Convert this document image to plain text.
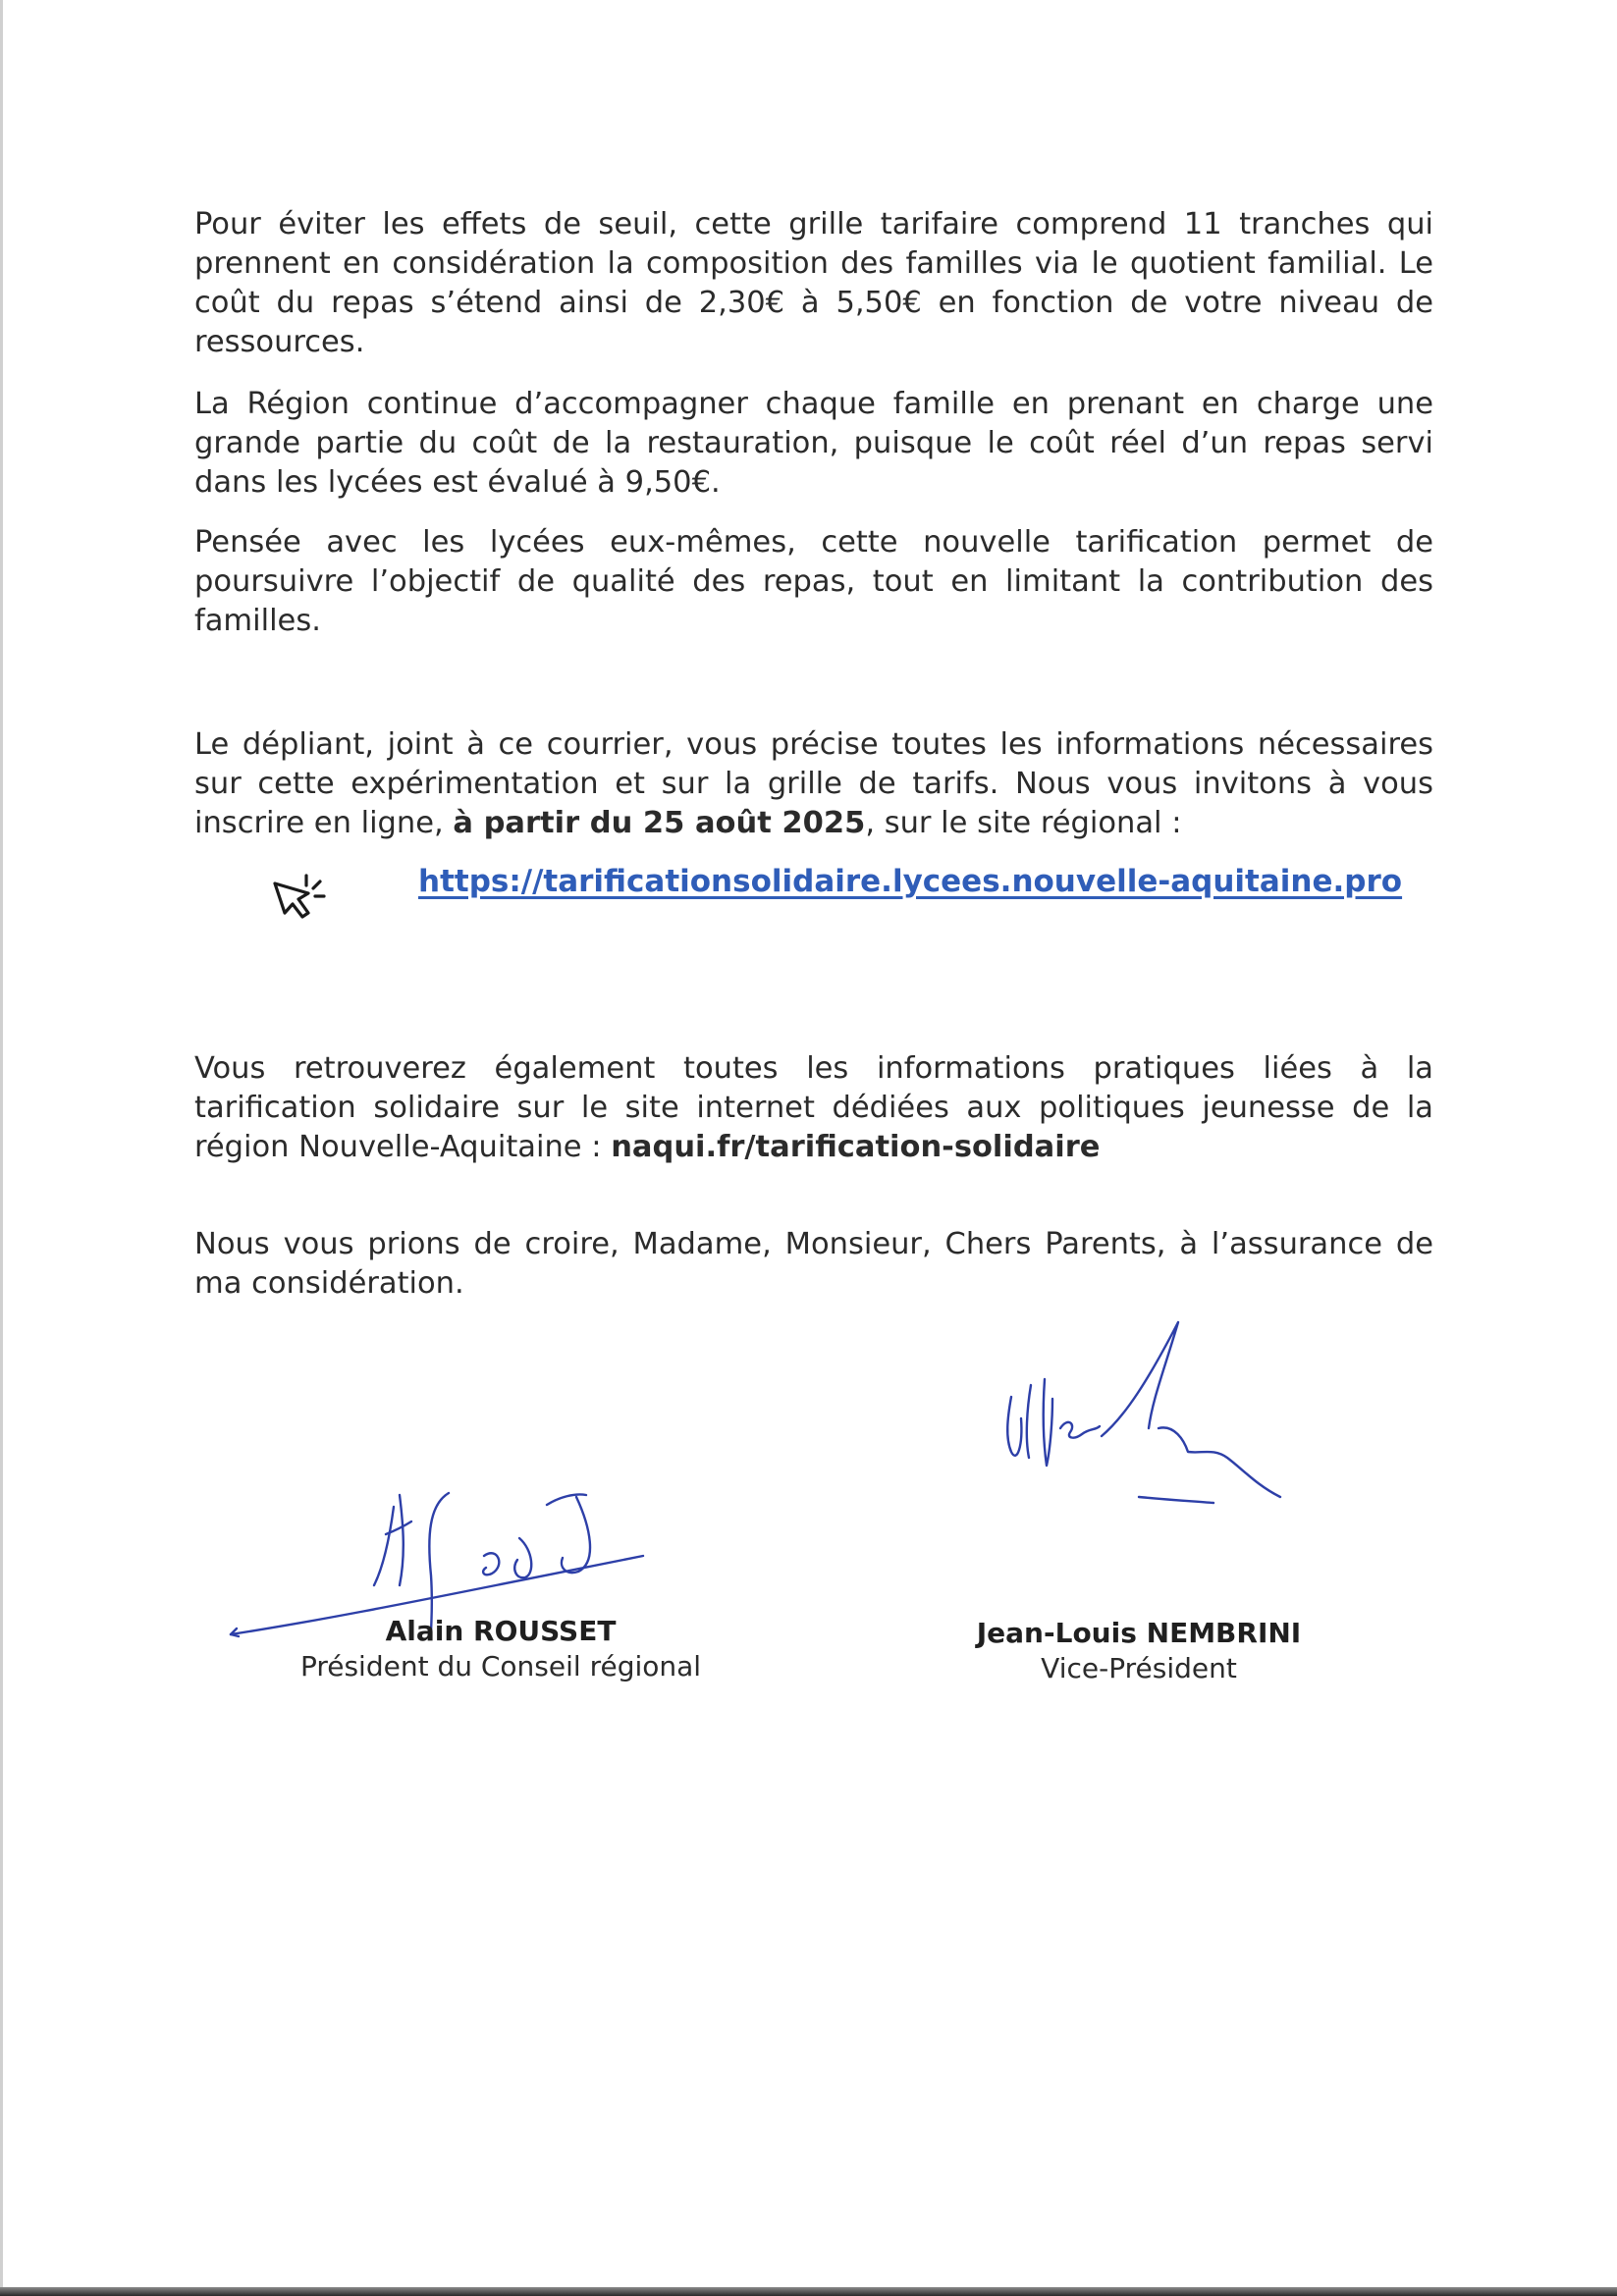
Pour éviter les effets de seuil, cette grille tarifaire comprend 11 tranches qui prennent en considération la composition des familles via le quotient familial. Le coût du repas s’étend ainsi de 2,30€ à 5,50€ en fonction de votre niveau de ressources.

La Région continue d’accompagner chaque famille en prenant en charge une grande partie du coût de la restauration, puisque le coût réel d’un repas servi dans les lycées est évalué à 9,50€.

Pensée avec les lycées eux-mêmes, cette nouvelle tarification permet de poursuivre l’objectif de qualité des repas, tout en limitant la contribution des familles.

Le dépliant, joint à ce courrier, vous précise toutes les informations nécessaires sur cette expérimentation et sur la grille de tarifs. Nous vous invitons à vous inscrire en ligne, à partir du 25 août 2025, sur le site régional :

https://tarificationsolidaire.lycees.nouvelle-aquitaine.pro

Vous retrouverez également toutes les informations pratiques liées à la tarification solidaire sur le site internet dédiées aux politiques jeunesse de la région Nouvelle-Aquitaine : naqui.fr/tarification-solidaire

Nous vous prions de croire, Madame, Monsieur, Chers Parents, à l’assurance de ma considération.

Alain ROUSSET
Président du Conseil régional
Jean-Louis NEMBRINI
Vice-Président
